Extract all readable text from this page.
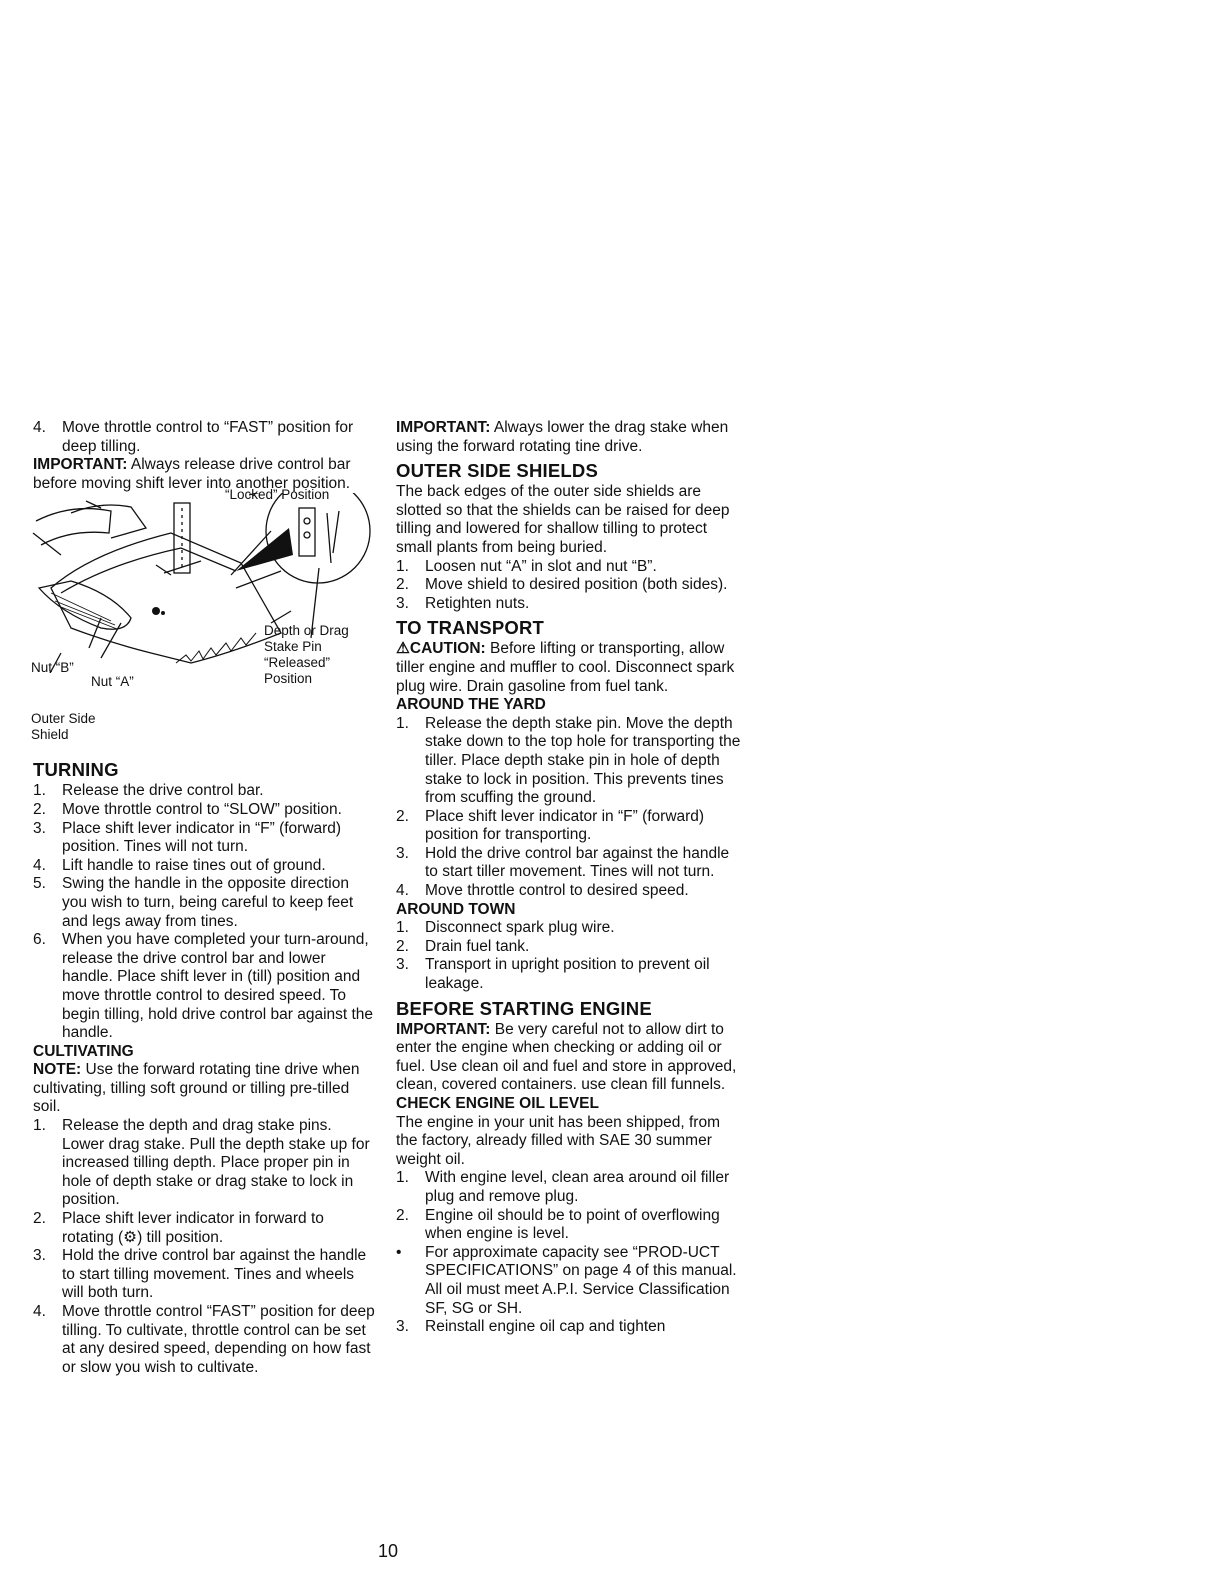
4.	Move throttle control to “FAST” position for deep tilling.

IMPORTANT: Always release drive control bar before moving shift lever into another position.

“Locked” Position
Depth or Drag
Stake Pin
“Released”
Position
Nut “B”
Nut “A”
Outer Side
Shield
TURNING
1.	Release the drive control bar.
2.	Move throttle control to “SLOW” position.
3.	Place shift lever indicator in “F” (forward) position. Tines will not turn.
4.	Lift handle to raise tines out of ground.
5.	Swing the handle in the opposite direction you wish to turn, being careful to keep feet and legs away from tines.
6.	When you have completed your turn-around, release the drive control bar and lower handle. Place shift lever in (till) position and move throttle control to desired speed. To begin tilling, hold drive control bar against the handle.
CULTIVATING

NOTE: Use the forward rotating tine drive when cultivating, tilling soft ground or tilling pre-tilled soil.

1.	Release the depth and drag stake pins. Lower drag stake. Pull the depth stake up for increased tilling depth. Place proper pin in hole of depth stake or drag stake to lock in position.
2.	Place shift lever indicator in forward to rotating (⚙) till position.
3.	Hold the drive control bar against the handle to start tilling movement. Tines and wheels will both turn.
4.	Move throttle control “FAST” position for deep tilling. To cultivate, throttle control can be set at any desired speed, depending on how fast or slow you wish to cultivate.

IMPORTANT: Always lower the drag stake when using the forward rotating tine drive.

OUTER SIDE SHIELDS

The back edges of the outer side shields are slotted so that the shields can be raised for deep tilling and lowered for shallow tilling to protect small plants from being buried.

1.	Loosen nut “A” in slot and nut “B”.
2.	Move shield to desired position (both sides).
3.	Retighten nuts.
TO TRANSPORT

⚠CAUTION: Before lifting or transporting, allow tiller engine and muffler to cool. Disconnect spark plug wire. Drain gasoline from fuel tank.

AROUND THE YARD
1.	Release the depth stake pin. Move the depth stake down to the top hole for transporting the tiller. Place depth stake pin in hole of depth stake to lock in position. This prevents tines from scuffing the ground.
2.	Place shift lever indicator in “F” (forward) position for transporting.
3.	Hold the drive control bar against the handle to start tiller movement. Tines will not turn.
4.	Move throttle control to desired speed.
AROUND TOWN
1.	Disconnect spark plug wire.
2.	Drain fuel tank.
3.	Transport in upright position to prevent oil leakage.
BEFORE STARTING ENGINE

IMPORTANT: Be very careful not to allow dirt to enter the engine when checking or adding oil or fuel. Use clean oil and fuel and store in approved, clean, covered containers. use clean fill funnels.

CHECK ENGINE OIL LEVEL

The engine in your unit has been shipped, from the factory, already filled with SAE 30 summer weight oil.

1.	With engine level, clean area around oil filler plug and remove plug.
2.	Engine oil should be to point of overflowing when engine is level.
•	For approximate capacity see “PROD-UCT SPECIFICATIONS” on page 4 of this manual. All oil must meet A.P.I. Service Classification SF, SG or SH.
3.	Reinstall engine oil cap and tighten
10
